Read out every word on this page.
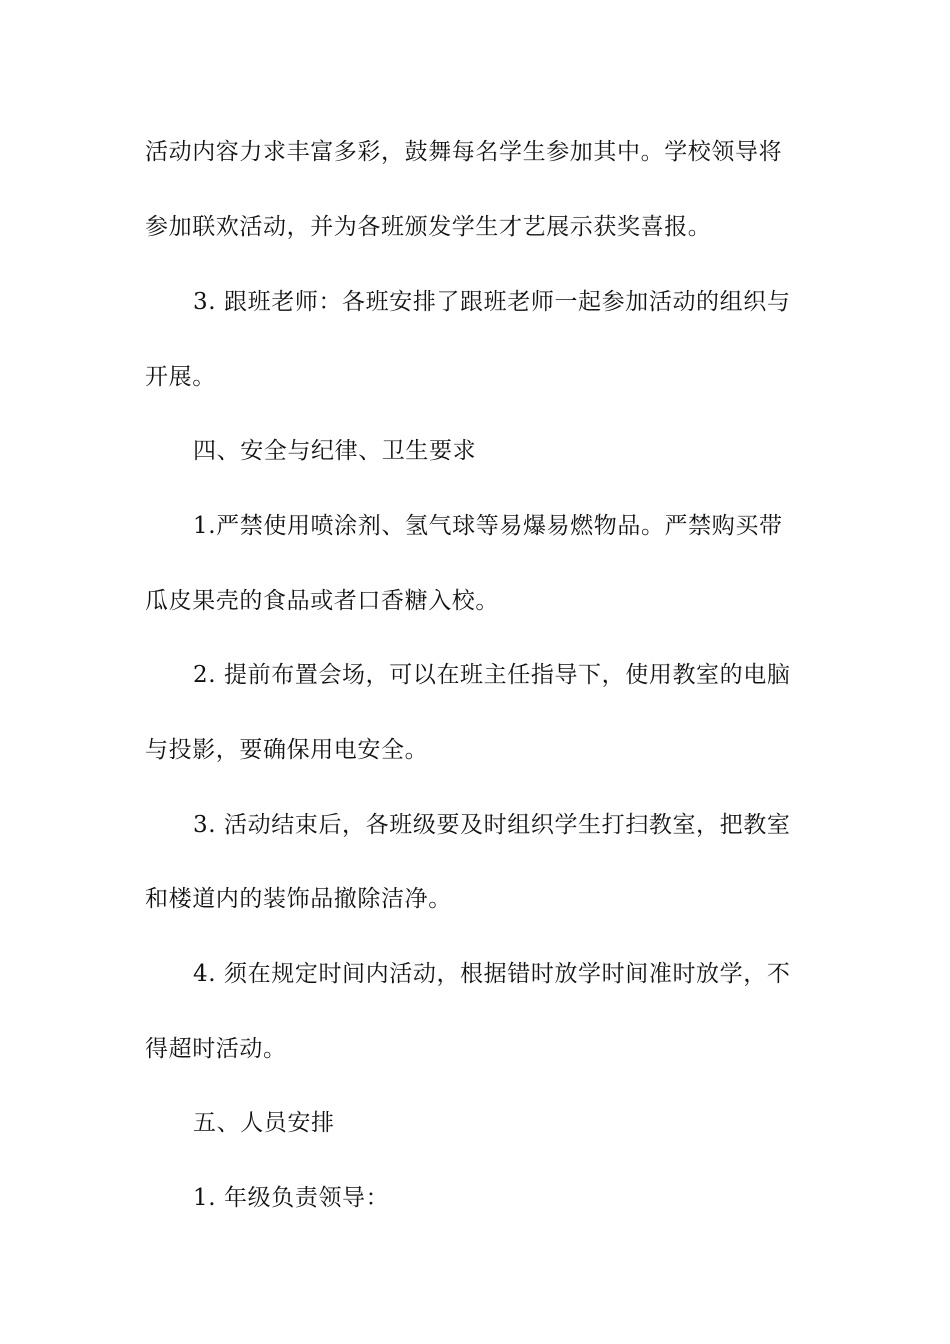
活动内容力求丰富多彩，鼓舞每名学生参加其中。学校领导将
参加联欢活动，并为各班颁发学生才艺展示获奖喜报。
3. 跟班老师：各班安排了跟班老师一起参加活动的组织与
开展。
四、安全与纪律、卫生要求
1.严禁使用喷涂剂、氢气球等易爆易燃物品。严禁购买带
瓜皮果壳的食品或者口香糖入校。
2. 提前布置会场，可以在班主任指导下，使用教室的电脑
与投影，要确保用电安全。
3. 活动结束后，各班级要及时组织学生打扫教室，把教室
和楼道内的装饰品撤除洁净。
4. 须在规定时间内活动，根据错时放学时间准时放学，不
得超时活动。
五、人员安排
1. 年级负责领导：
